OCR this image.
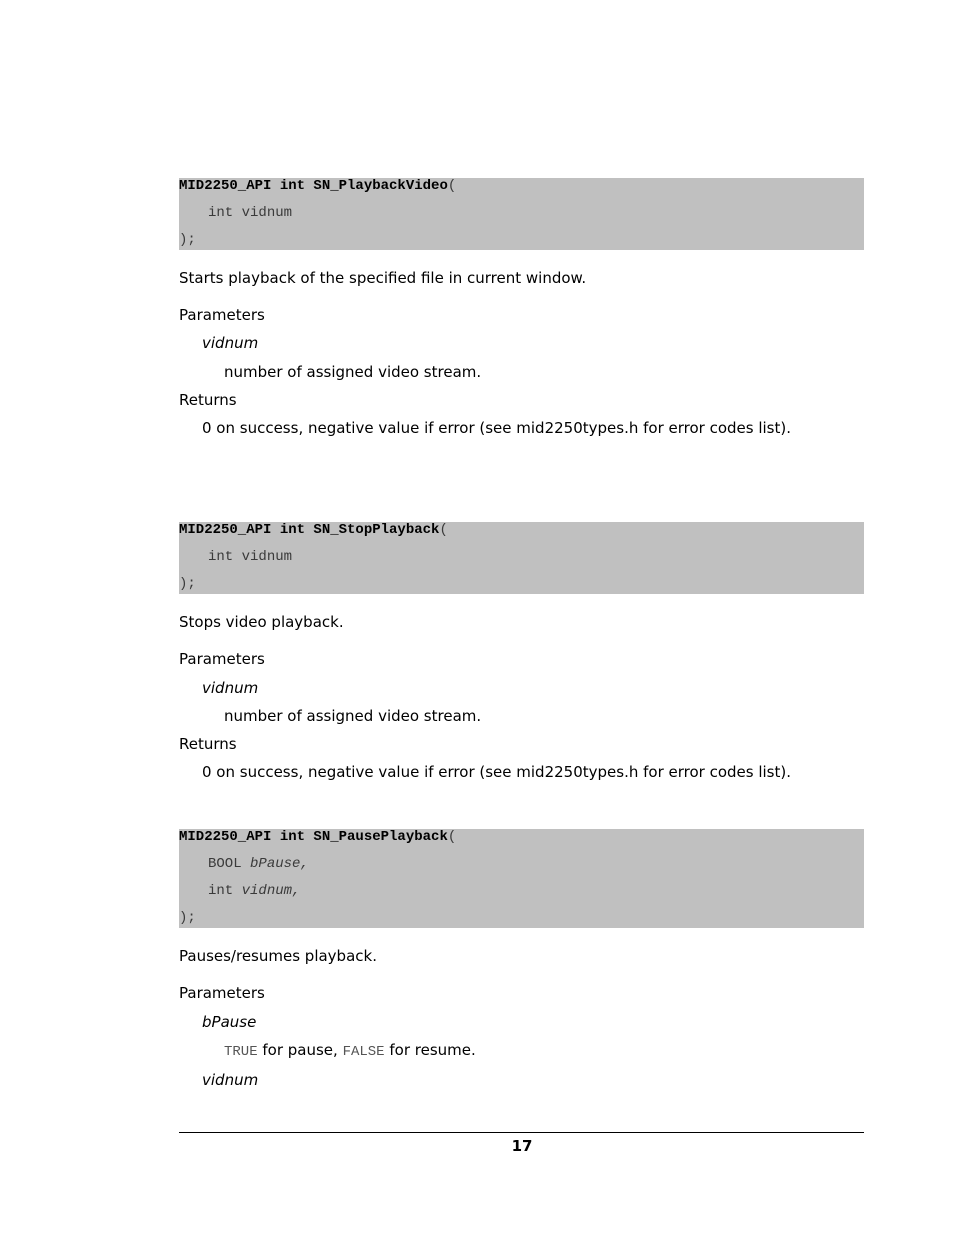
MID2250_API int SN_PlaybackVideo(
int vidnum
);
Starts playback of the specified file in current window.
Parameters
vidnum
number of assigned video stream.
Returns
0 on success, negative value if error (see mid2250types.h for error codes list).
MID2250_API int SN_StopPlayback(
int vidnum
);
Stops video playback.
Parameters
vidnum
number of assigned video stream.
Returns
0 on success, negative value if error (see mid2250types.h for error codes list).
MID2250_API int SN_PausePlayback(
BOOL bPause,
int vidnum,
);
Pauses/resumes playback.
Parameters
bPause
TRUE for pause, FALSE for resume.
vidnum
17
